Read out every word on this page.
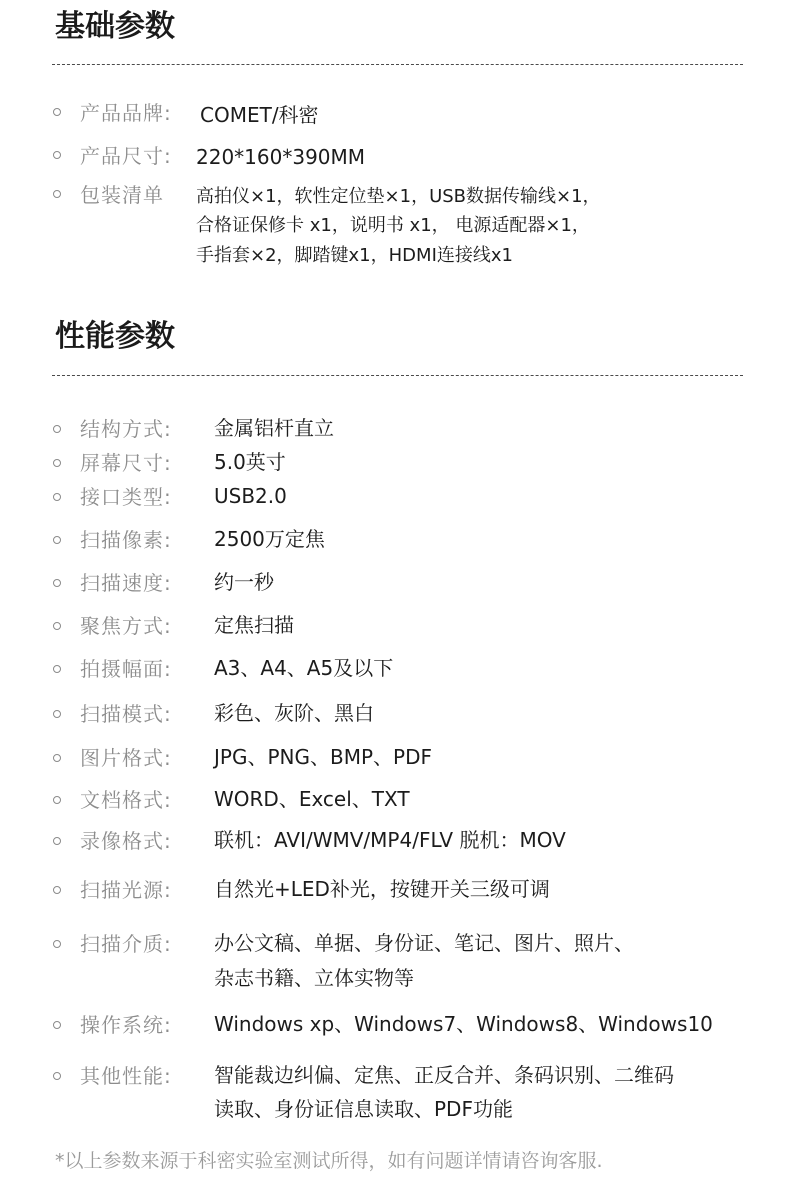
基础参数
产品品牌: COMET/科密
产品尺寸: 220*160*390MM
包装清单 高拍仪×1，软性定位垫×1，USB数据传输线×1，
合格证保修卡 x1，说明书 x1， 电源适配器×1，
手指套×2，脚踏键x1，HDMI连接线x1
性能参数
结构方式: 金属铝杆直立
屏幕尺寸: 5.0英寸
接口类型: USB2.0
扫描像素: 2500万定焦
扫描速度: 约一秒
聚焦方式: 定焦扫描
拍摄幅面: A3、A4、A5及以下
扫描模式: 彩色、灰阶、黑白
图片格式: JPG、PNG、BMP、PDF
文档格式: WORD、Excel、TXT
录像格式: 联机：AVI/WMV/MP4/FLV 脱机：MOV
扫描光源: 自然光+LED补光，按键开关三级可调
扫描介质: 办公文稿、单据、身份证、笔记、图片、照片、
杂志书籍、立体实物等
操作系统: Windows xp、Windows7、Windows8、Windows10
其他性能: 智能裁边纠偏、定焦、正反合并、条码识别、二维码
读取、身份证信息读取、PDF功能
*以上参数来源于科密实验室测试所得，如有问题详情请咨询客服.
